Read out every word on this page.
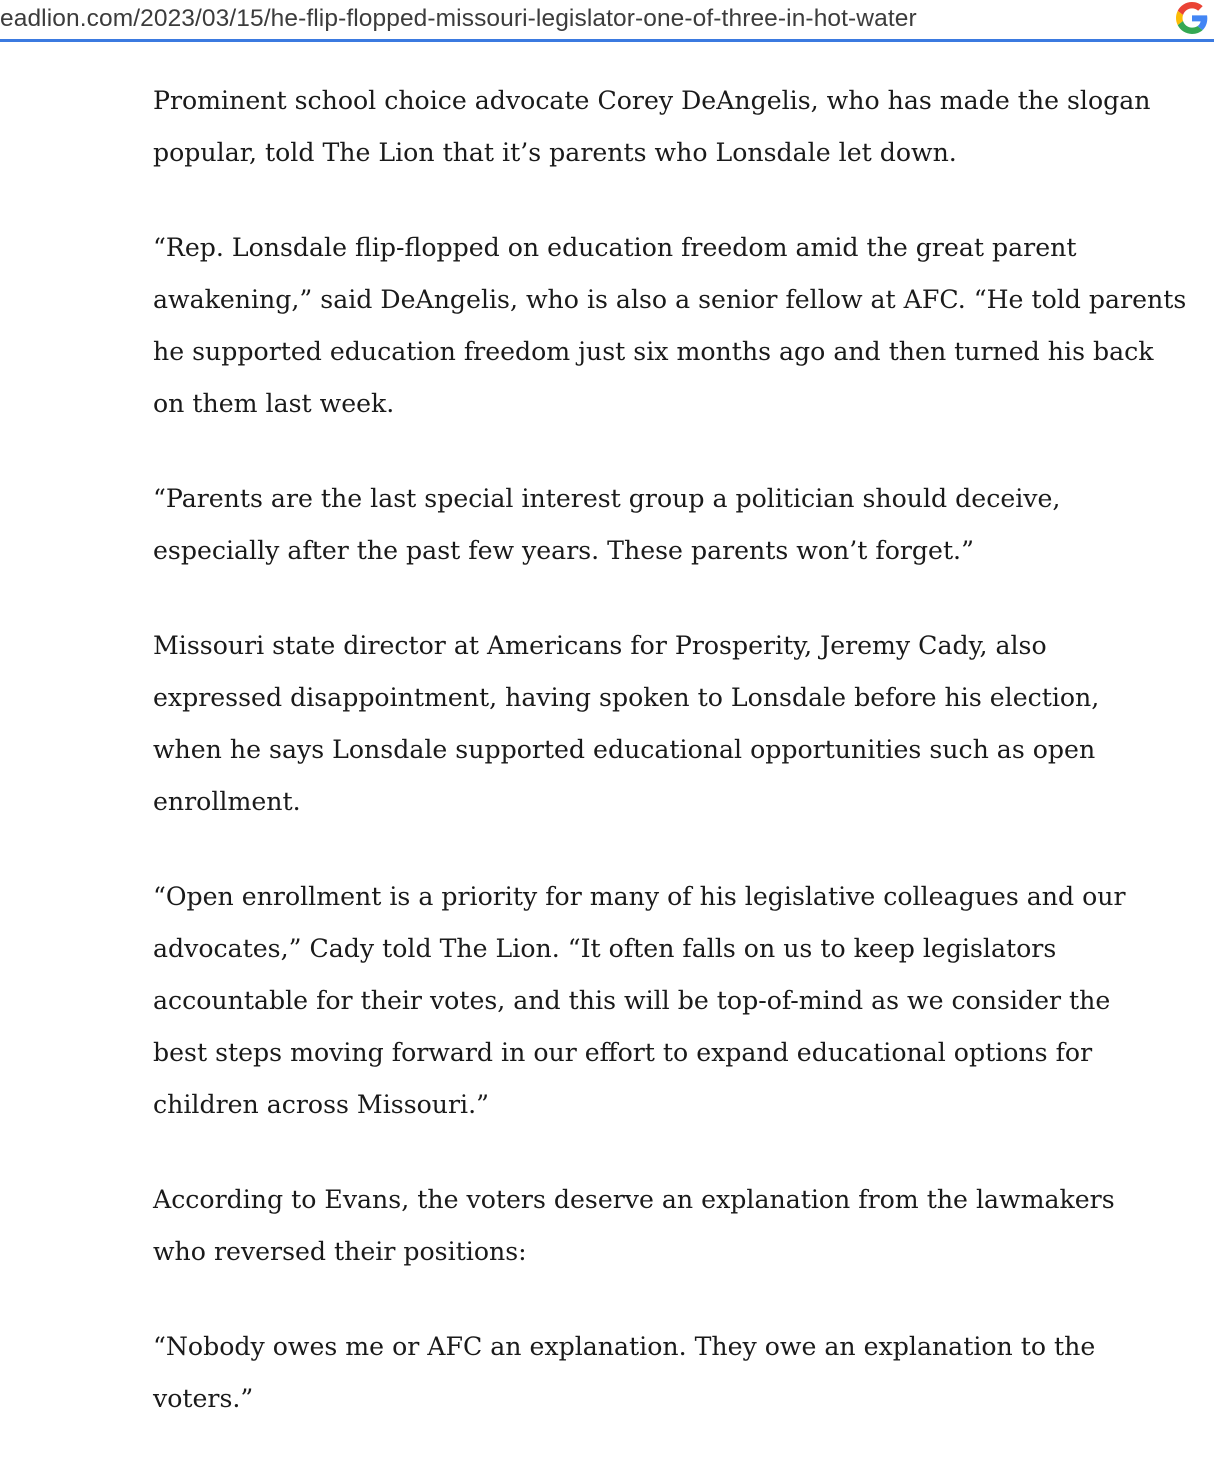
eadlion.com/2023/03/15/he-flip-flopped-missouri-legislator-one-of-three-in-hot-water

Prominent school choice advocate Corey DeAngelis, who has made the slogan
popular, told The Lion that it’s parents who Lonsdale let down.

“Rep. Lonsdale flip-flopped on education freedom amid the great parent
awakening,” said DeAngelis, who is also a senior fellow at AFC. “He told parents
he supported education freedom just six months ago and then turned his back
on them last week.

“Parents are the last special interest group a politician should deceive,
especially after the past few years. These parents won’t forget.”

Missouri state director at Americans for Prosperity, Jeremy Cady, also
expressed disappointment, having spoken to Lonsdale before his election,
when he says Lonsdale supported educational opportunities such as open
enrollment.

“Open enrollment is a priority for many of his legislative colleagues and our
advocates,” Cady told The Lion. “It often falls on us to keep legislators
accountable for their votes, and this will be top-of-mind as we consider the
best steps moving forward in our effort to expand educational options for
children across Missouri.”

According to Evans, the voters deserve an explanation from the lawmakers
who reversed their positions:

“Nobody owes me or AFC an explanation. They owe an explanation to the
voters.”
